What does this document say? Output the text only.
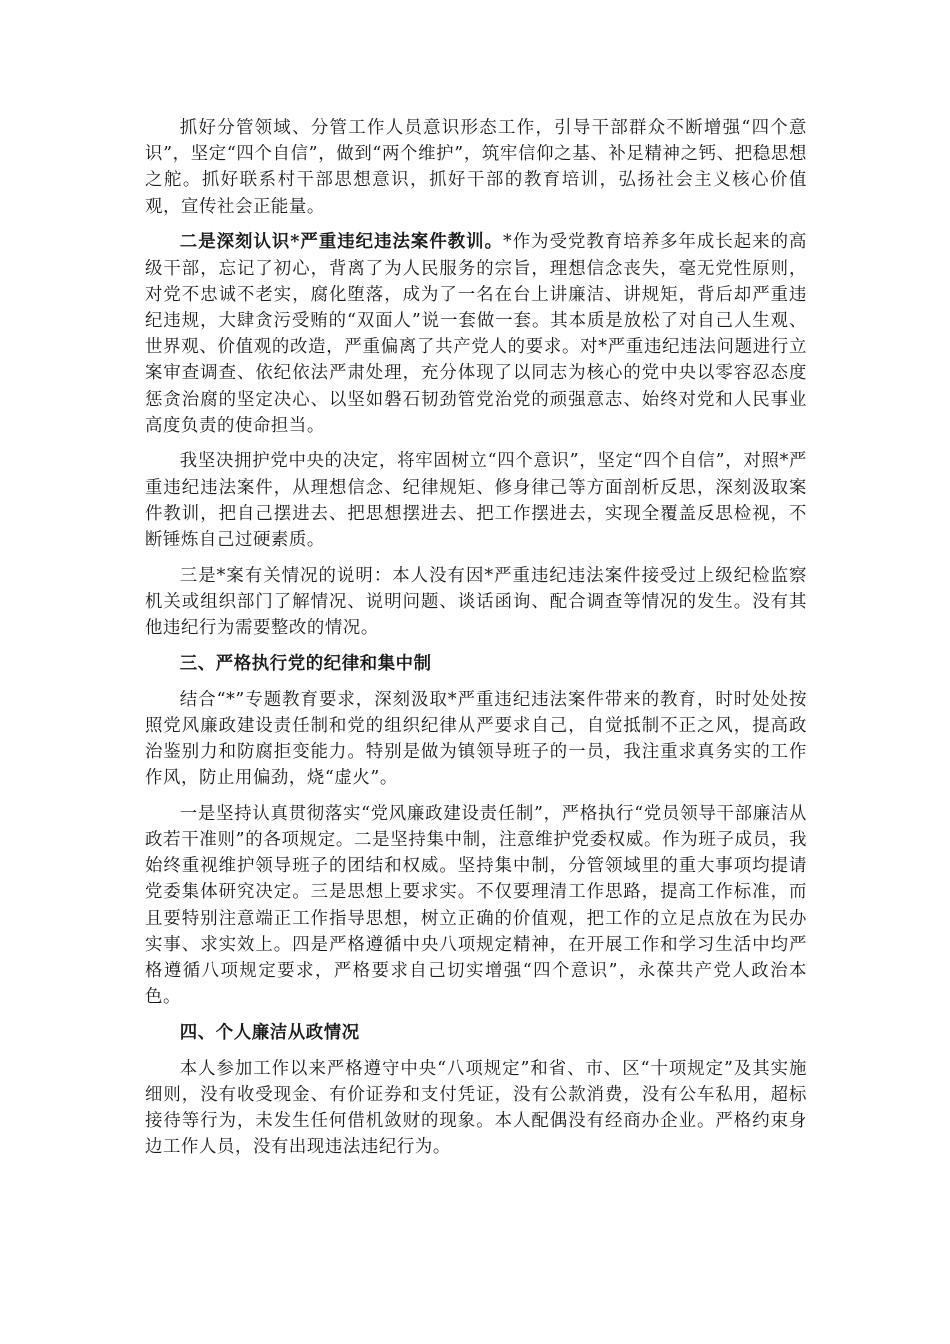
抓好分管领域、分管工作人员意识形态工作，引导干部群众不断增强“四个意识”，坚定“四个自信”，做到“两个维护”，筑牢信仰之基、补足精神之钙、把稳思想之舵。抓好联系村干部思想意识，抓好干部的教育培训，弘扬社会主义核心价值观，宣传社会正能量。

二是深刻认识*严重违纪违法案件教训。*作为受党教育培养多年成长起来的高级干部，忘记了初心，背离了为人民服务的宗旨，理想信念丧失，毫无党性原则，对党不忠诚不老实，腐化堕落，成为了一名在台上讲廉洁、讲规矩，背后却严重违纪违规，大肆贪污受贿的“双面人”说一套做一套。其本质是放松了对自己人生观、世界观、价值观的改造，严重偏离了共产党人的要求。对*严重违纪违法问题进行立案审查调查、依纪依法严肃处理，充分体现了以同志为核心的党中央以零容忍态度惩贪治腐的坚定决心、以坚如磐石韧劲管党治党的顽强意志、始终对党和人民事业高度负责的使命担当。

我坚决拥护党中央的决定，将牢固树立“四个意识”，坚定“四个自信”，对照*严重违纪违法案件，从理想信念、纪律规矩、修身律己等方面剖析反思，深刻汲取案件教训，把自己摆进去、把思想摆进去、把工作摆进去，实现全覆盖反思检视，不断锤炼自己过硬素质。

三是*案有关情况的说明：本人没有因*严重违纪违法案件接受过上级纪检监察机关或组织部门了解情况、说明问题、谈话函询、配合调查等情况的发生。没有其他违纪行为需要整改的情况。

三、严格执行党的纪律和集中制

结合“*”专题教育要求，深刻汲取*严重违纪违法案件带来的教育，时时处处按照党风廉政建设责任制和党的组织纪律从严要求自己，自觉抵制不正之风，提高政治鉴别力和防腐拒变能力。特别是做为镇领导班子的一员，我注重求真务实的工作作风，防止用偏劲，烧“虚火”。

一是坚持认真贯彻落实“党风廉政建设责任制”，严格执行“党员领导干部廉洁从政若干准则”的各项规定。二是坚持集中制，注意维护党委权威。作为班子成员，我始终重视维护领导班子的团结和权威。坚持集中制，分管领域里的重大事项均提请党委集体研究决定。三是思想上要求实。不仅要理清工作思路，提高工作标准，而且要特别注意端正工作指导思想，树立正确的价值观，把工作的立足点放在为民办实事、求实效上。四是严格遵循中央八项规定精神，在开展工作和学习生活中均严格遵循八项规定要求，严格要求自己切实增强“四个意识”，永葆共产党人政治本色。

四、个人廉洁从政情况

本人参加工作以来严格遵守中央“八项规定”和省、市、区“十项规定”及其实施细则，没有收受现金、有价证券和支付凭证，没有公款消费，没有公车私用，超标接待等行为，未发生任何借机敛财的现象。本人配偶没有经商办企业。严格约束身边工作人员，没有出现违法违纪行为。
